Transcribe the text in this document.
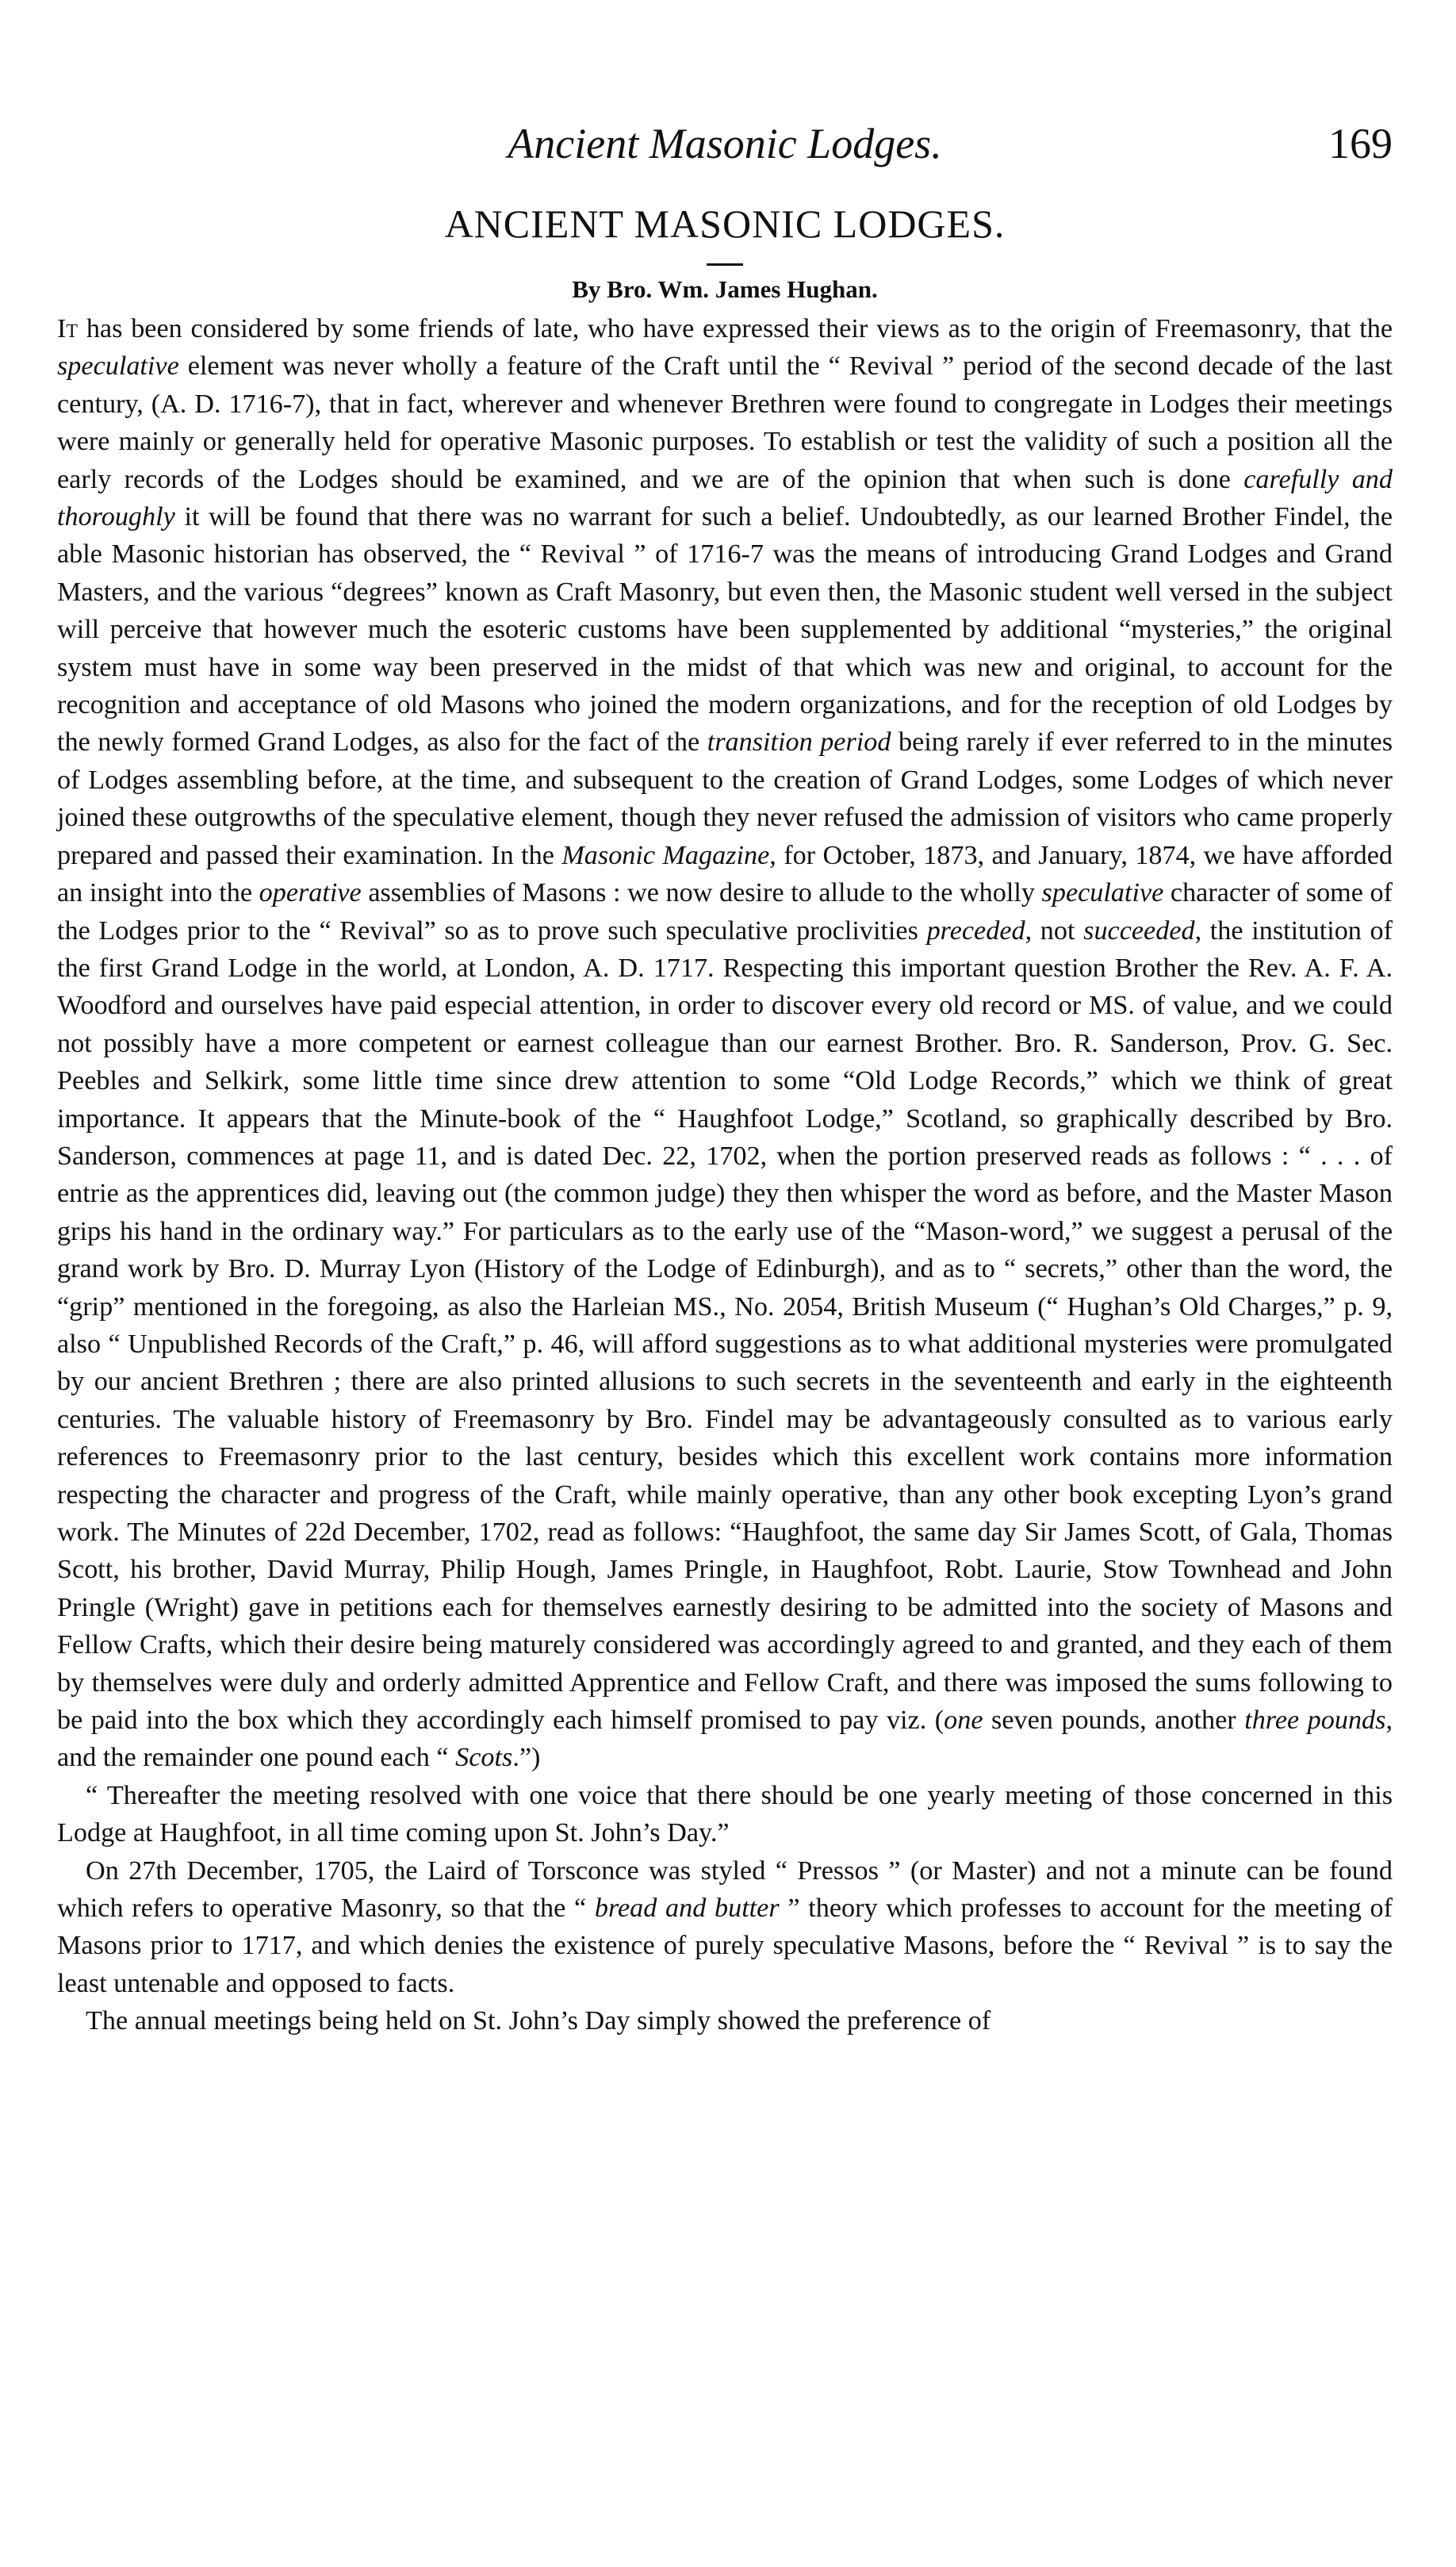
Ancient Masonic Lodges.	169
ANCIENT MASONIC LODGES.
By Bro. Wm. James Hughan.

It has been considered by some friends of late, who have expressed their views as to the origin of Freemasonry, that the speculative element was never wholly a feature of the Craft until the “ Revival ” period of the second decade of the last century, (A. D. 1716-7), that in fact, wherever and whenever Brethren were found to congregate in Lodges their meetings were mainly or generally held for operative Masonic purposes. To establish or test the validity of such a position all the early records of the Lodges should be examined, and we are of the opinion that when such is done carefully and thoroughly it will be found that there was no warrant for such a belief. Undoubtedly, as our learned Brother Findel, the able Masonic historian has observed, the “ Revival ” of 1716-7 was the means of introducing Grand Lodges and Grand Masters, and the various “degrees” known as Craft Masonry, but even then, the Masonic student well versed in the subject will perceive that however much the esoteric customs have been supplemented by additional “mysteries,” the original system must have in some way been preserved in the midst of that which was new and original, to account for the recognition and acceptance of old Masons who joined the modern organizations, and for the reception of old Lodges by the newly formed Grand Lodges, as also for the fact of the transition period being rarely if ever referred to in the minutes of Lodges assembling before, at the time, and subsequent to the creation of Grand Lodges, some Lodges of which never joined these outgrowths of the speculative element, though they never refused the admission of visitors who came properly prepared and passed their examination. In the Masonic Magazine, for October, 1873, and January, 1874, we have afforded an insight into the operative assemblies of Masons : we now desire to allude to the wholly speculative character of some of the Lodges prior to the “ Revival” so as to prove such speculative proclivities preceded, not succeeded, the institution of the first Grand Lodge in the world, at London, A. D. 1717. Respecting this important question Brother the Rev. A. F. A. Woodford and ourselves have paid especial attention, in order to discover every old record or MS. of value, and we could not possibly have a more competent or earnest colleague than our earnest Brother. Bro. R. Sanderson, Prov. G. Sec. Peebles and Selkirk, some little time since drew attention to some “Old Lodge Records,” which we think of great importance. It appears that the Minute-book of the “ Haughfoot Lodge,” Scotland, so graphically described by Bro. Sanderson, commences at page 11, and is dated Dec. 22, 1702, when the portion preserved reads as follows : “ . . . of entrie as the apprentices did, leaving out (the common judge) they then whisper the word as before, and the Master Mason grips his hand in the ordinary way.” For particulars as to the early use of the “Mason-word,” we suggest a perusal of the grand work by Bro. D. Murray Lyon (History of the Lodge of Edinburgh), and as to “ secrets,” other than the word, the “grip” mentioned in the foregoing, as also the Harleian MS., No. 2054, British Museum (“ Hughan’s Old Charges,” p. 9, also “ Unpublished Records of the Craft,” p. 46, will afford suggestions as to what additional mysteries were promulgated by our ancient Brethren ; there are also printed allusions to such secrets in the seventeenth and early in the eighteenth centuries. The valuable history of Freemasonry by Bro. Findel may be advantageously consulted as to various early references to Freemasonry prior to the last century, besides which this excellent work contains more information respecting the character and progress of the Craft, while mainly operative, than any other book excepting Lyon’s grand work. The Minutes of 22d December, 1702, read as follows: “Haughfoot, the same day Sir James Scott, of Gala, Thomas Scott, his brother, David Murray, Philip Hough, James Pringle, in Haughfoot, Robt. Laurie, Stow Townhead and John Pringle (Wright) gave in petitions each for themselves earnestly desiring to be admitted into the society of Masons and Fellow Crafts, which their desire being maturely considered was accordingly agreed to and granted, and they each of them by themselves were duly and orderly admitted Apprentice and Fellow Craft, and there was imposed the sums following to be paid into the box which they accordingly each himself promised to pay viz. (one seven pounds, another three pounds, and the remainder one pound each “ Scots.”)

“ Thereafter the meeting resolved with one voice that there should be one yearly meeting of those concerned in this Lodge at Haughfoot, in all time coming upon St. John’s Day.”

On 27th December, 1705, the Laird of Torsconce was styled “ Pressos ” (or Master) and not a minute can be found which refers to operative Masonry, so that the “ bread and butter ” theory which professes to account for the meeting of Masons prior to 1717, and which denies the existence of purely speculative Masons, before the “ Revival ” is to say the least untenable and opposed to facts.

The annual meetings being held on St. John’s Day simply showed the preference of
